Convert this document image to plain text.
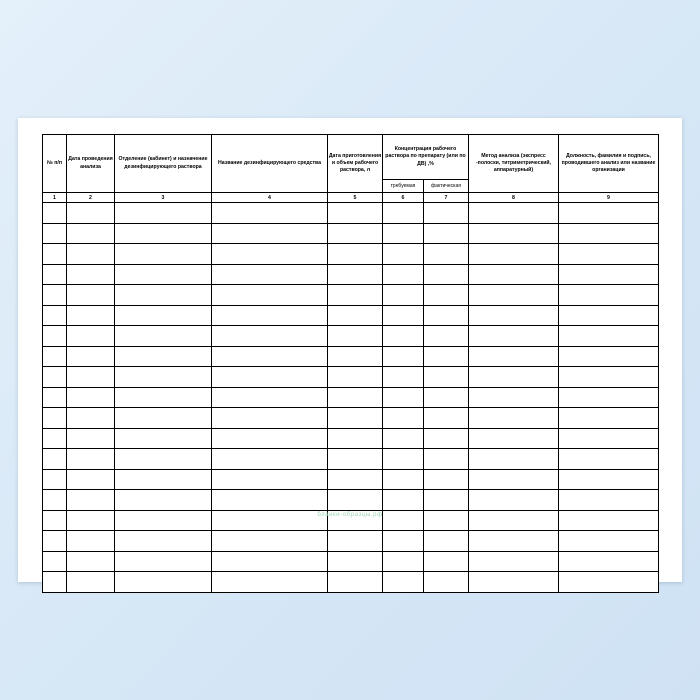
№ п/п	Дата проведения анализа	Отделение (кабинет) и назначение дезинфицирующего раствора	Название дезинфицирующего средства	Дата приготовления и объем рабочего раствора, л	Концентрация рабочего раствора по препарату (или по ДВ) ,%		Метод анализа (экспресс -полоски, титриметрический, аппаратурный)	Должность, фамилия и подпись, проводившего анализ или название организации
					требуемая	фактическая		
1	2	3	4	5	6	7	8	9

блaнки-образцы.рф
